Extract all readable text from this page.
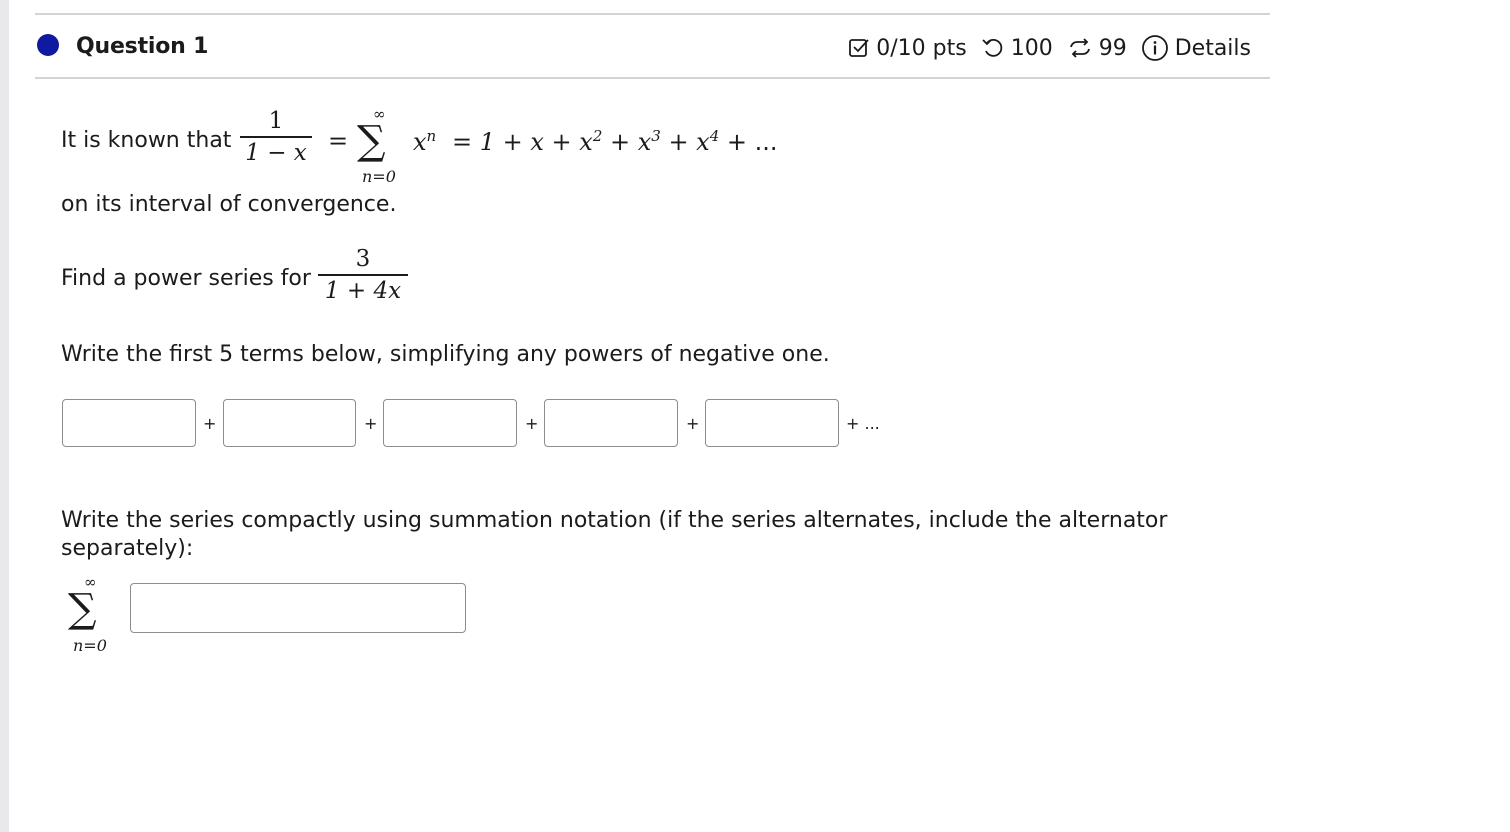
Question 1	0/10 pts 100 99 Details
It is known that
1
1 − x =
∞
∑
n=0
$x^n = 1 + x + x^2 + x^3 + x^4$ + ...
on its interval of convergence.
Find a power series for
3
1 + 4x
Write the first 5 terms below, simplifying any powers of negative one.
+	+	+	+	+ ...
Write the series compactly using summation notation (if the series alternates, include the alternator
separately):
∞
∑
n=0
